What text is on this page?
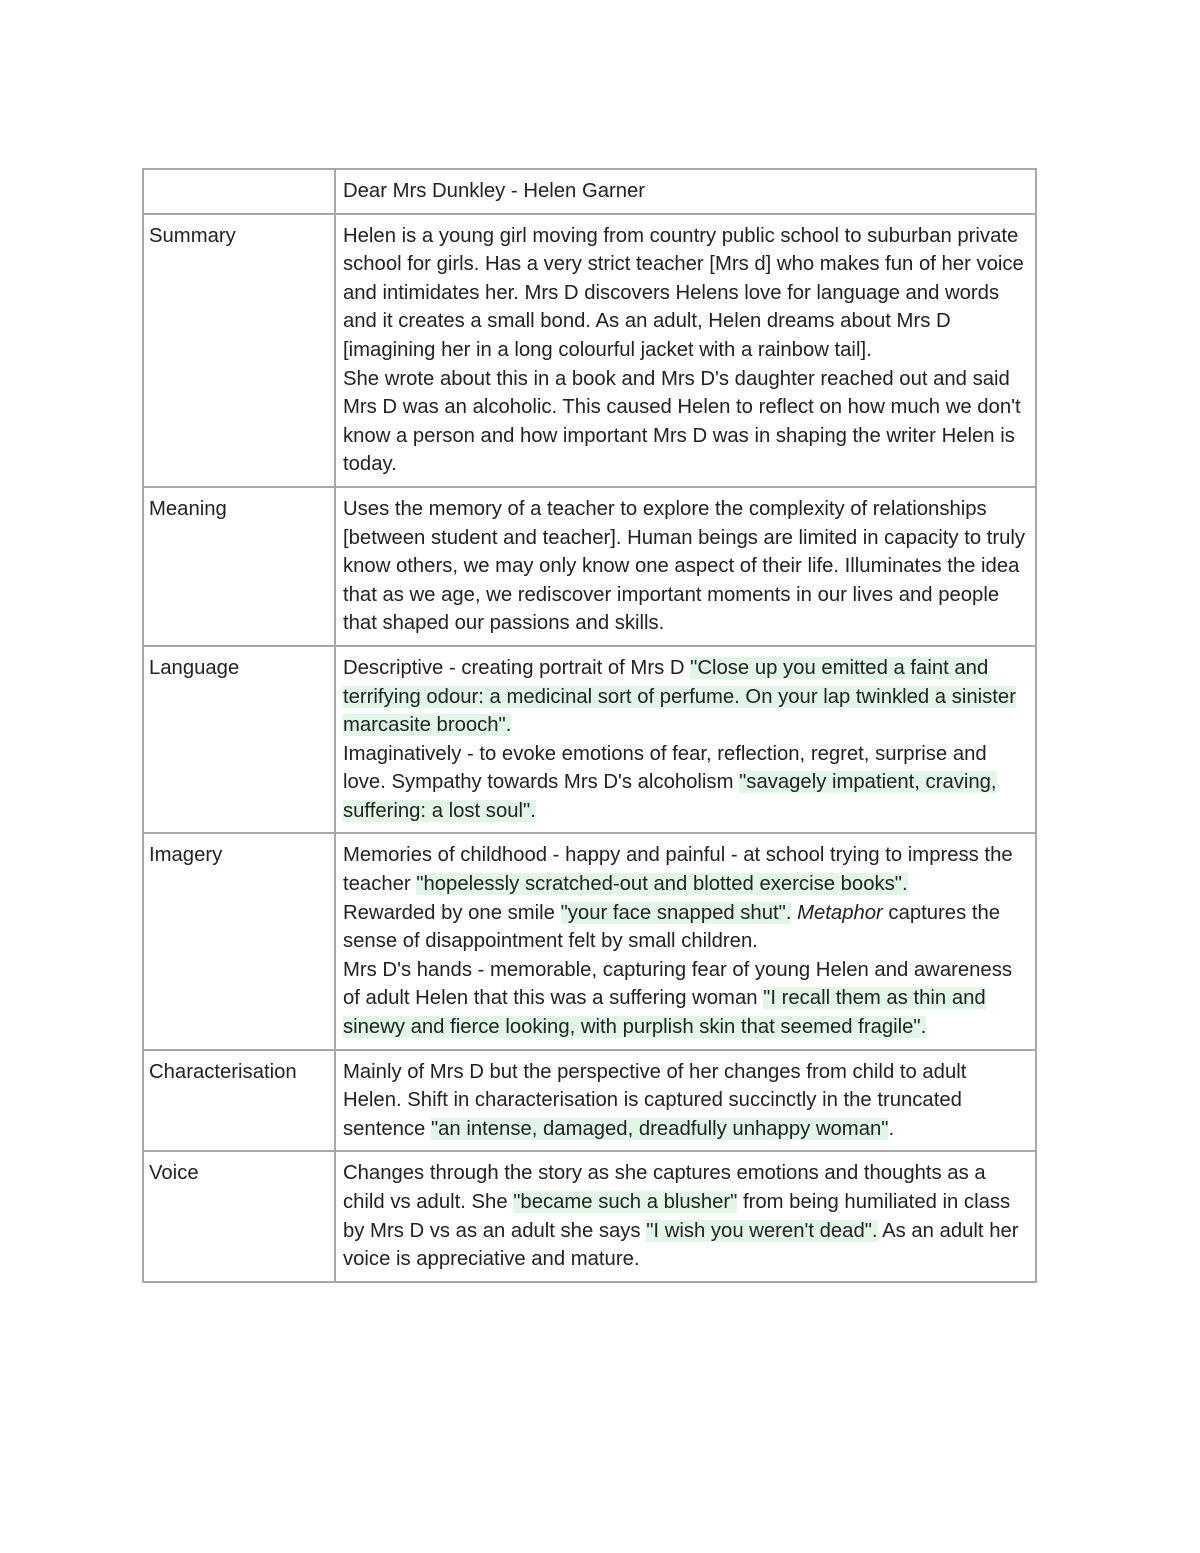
	Dear Mrs Dunkley - Helen Garner
Summary	Helen is a young girl moving from country public school to suburban private school for girls. Has a very strict teacher [Mrs d] who makes fun of her voice and intimidates her. Mrs D discovers Helens love for language and words and it creates a small bond. As an adult, Helen dreams about Mrs D [imagining her in a long colourful jacket with a rainbow tail].
She wrote about this in a book and Mrs D's daughter reached out and said Mrs D was an alcoholic. This caused Helen to reflect on how much we don't know a person and how important Mrs D was in shaping the writer Helen is today.

Meaning	Uses the memory of a teacher to explore the complexity of relationships [between student and teacher]. Human beings are limited in capacity to truly know others, we may only know one aspect of their life. Illuminates the idea that as we age, we rediscover important moments in our lives and people that shaped our passions and skills.

Language	Descriptive - creating portrait of Mrs D "Close up you emitted a faint and terrifying odour: a medicinal sort of perfume. On your lap twinkled a sinister marcasite brooch".
Imaginatively - to evoke emotions of fear, reflection, regret, surprise and love. Sympathy towards Mrs D's alcoholism "savagely impatient, craving, suffering: a lost soul".

Imagery	Memories of childhood - happy and painful - at school trying to impress the teacher "hopelessly scratched-out and blotted exercise books".
Rewarded by one smile "your face snapped shut". Metaphor captures the sense of disappointment felt by small children.
Mrs D's hands - memorable, capturing fear of young Helen and awareness of adult Helen that this was a suffering woman "I recall them as thin and sinewy and fierce looking, with purplish skin that seemed fragile".

Characterisation	Mainly of Mrs D but the perspective of her changes from child to adult Helen. Shift in characterisation is captured succinctly in the truncated sentence "an intense, damaged, dreadfully unhappy woman".

Voice	Changes through the story as she captures emotions and thoughts as a child vs adult. She "became such a blusher" from being humiliated in class by Mrs D vs as an adult she says "I wish you weren't dead". As an adult her voice is appreciative and mature.
